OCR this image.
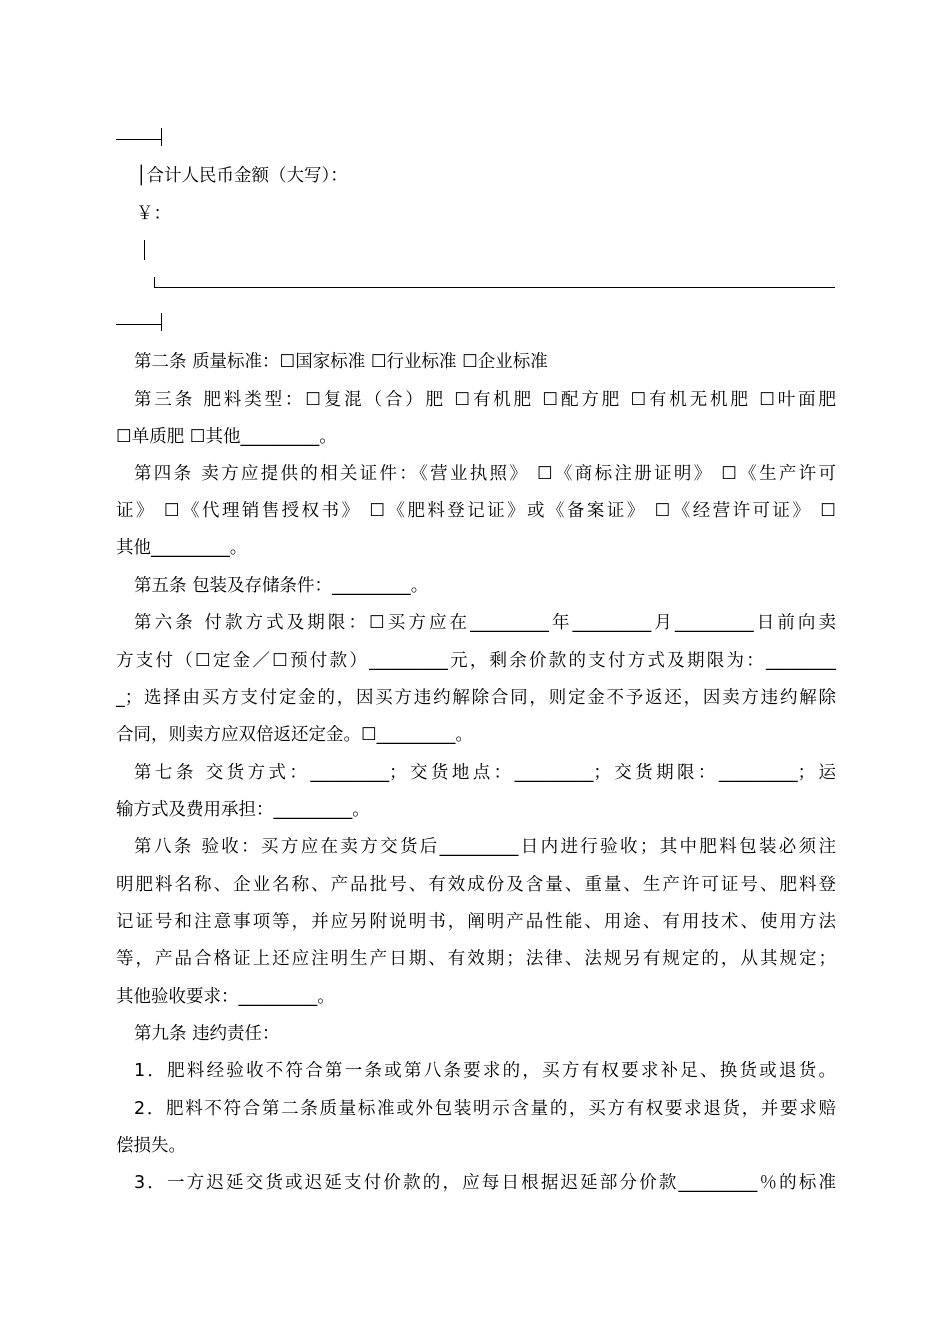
│合计人民币金额（大写）：
￥：
第二条 质量标准：☐国家标准 ☐行业标准 ☐企业标准
第三条 肥料类型：☐复混（合）肥 ☐有机肥 ☐配方肥 ☐有机无机肥 ☐叶面肥
☐单质肥 ☐其他_________。
第四条 卖方应提供的相关证件：《营业执照》 ☐《商标注册证明》 ☐《生产许可
证》 ☐《代理销售授权书》 ☐《肥料登记证》或《备案证》 ☐《经营许可证》 ☐
其他_________。
第五条 包装及存储条件：_________。
第六条 付款方式及期限：☐买方应在_________年_________月_________日前向卖
方支付（☐定金／☐预付款）_________元，剩余价款的支付方式及期限为：________
_；选择由买方支付定金的，因买方违约解除合同，则定金不予返还，因卖方违约解除
合同，则卖方应双倍返还定金。☐_________。
第七条 交货方式：_________；交货地点：_________；交货期限：_________；运
输方式及费用承担：_________。
第八条 验收：买方应在卖方交货后_________日内进行验收；其中肥料包装必须注
明肥料名称、企业名称、产品批号、有效成份及含量、重量、生产许可证号、肥料登
记证号和注意事项等，并应另附说明书，阐明产品性能、用途、有用技术、使用方法
等，产品合格证上还应注明生产日期、有效期；法律、法规另有规定的，从其规定；
其他验收要求：_________。
第九条 违约责任：
1．肥料经验收不符合第一条或第八条要求的，买方有权要求补足、换货或退货。
2．肥料不符合第二条质量标准或外包装明示含量的，买方有权要求退货，并要求赔
偿损失。
3．一方迟延交货或迟延支付价款的，应每日根据迟延部分价款_________％的标准
